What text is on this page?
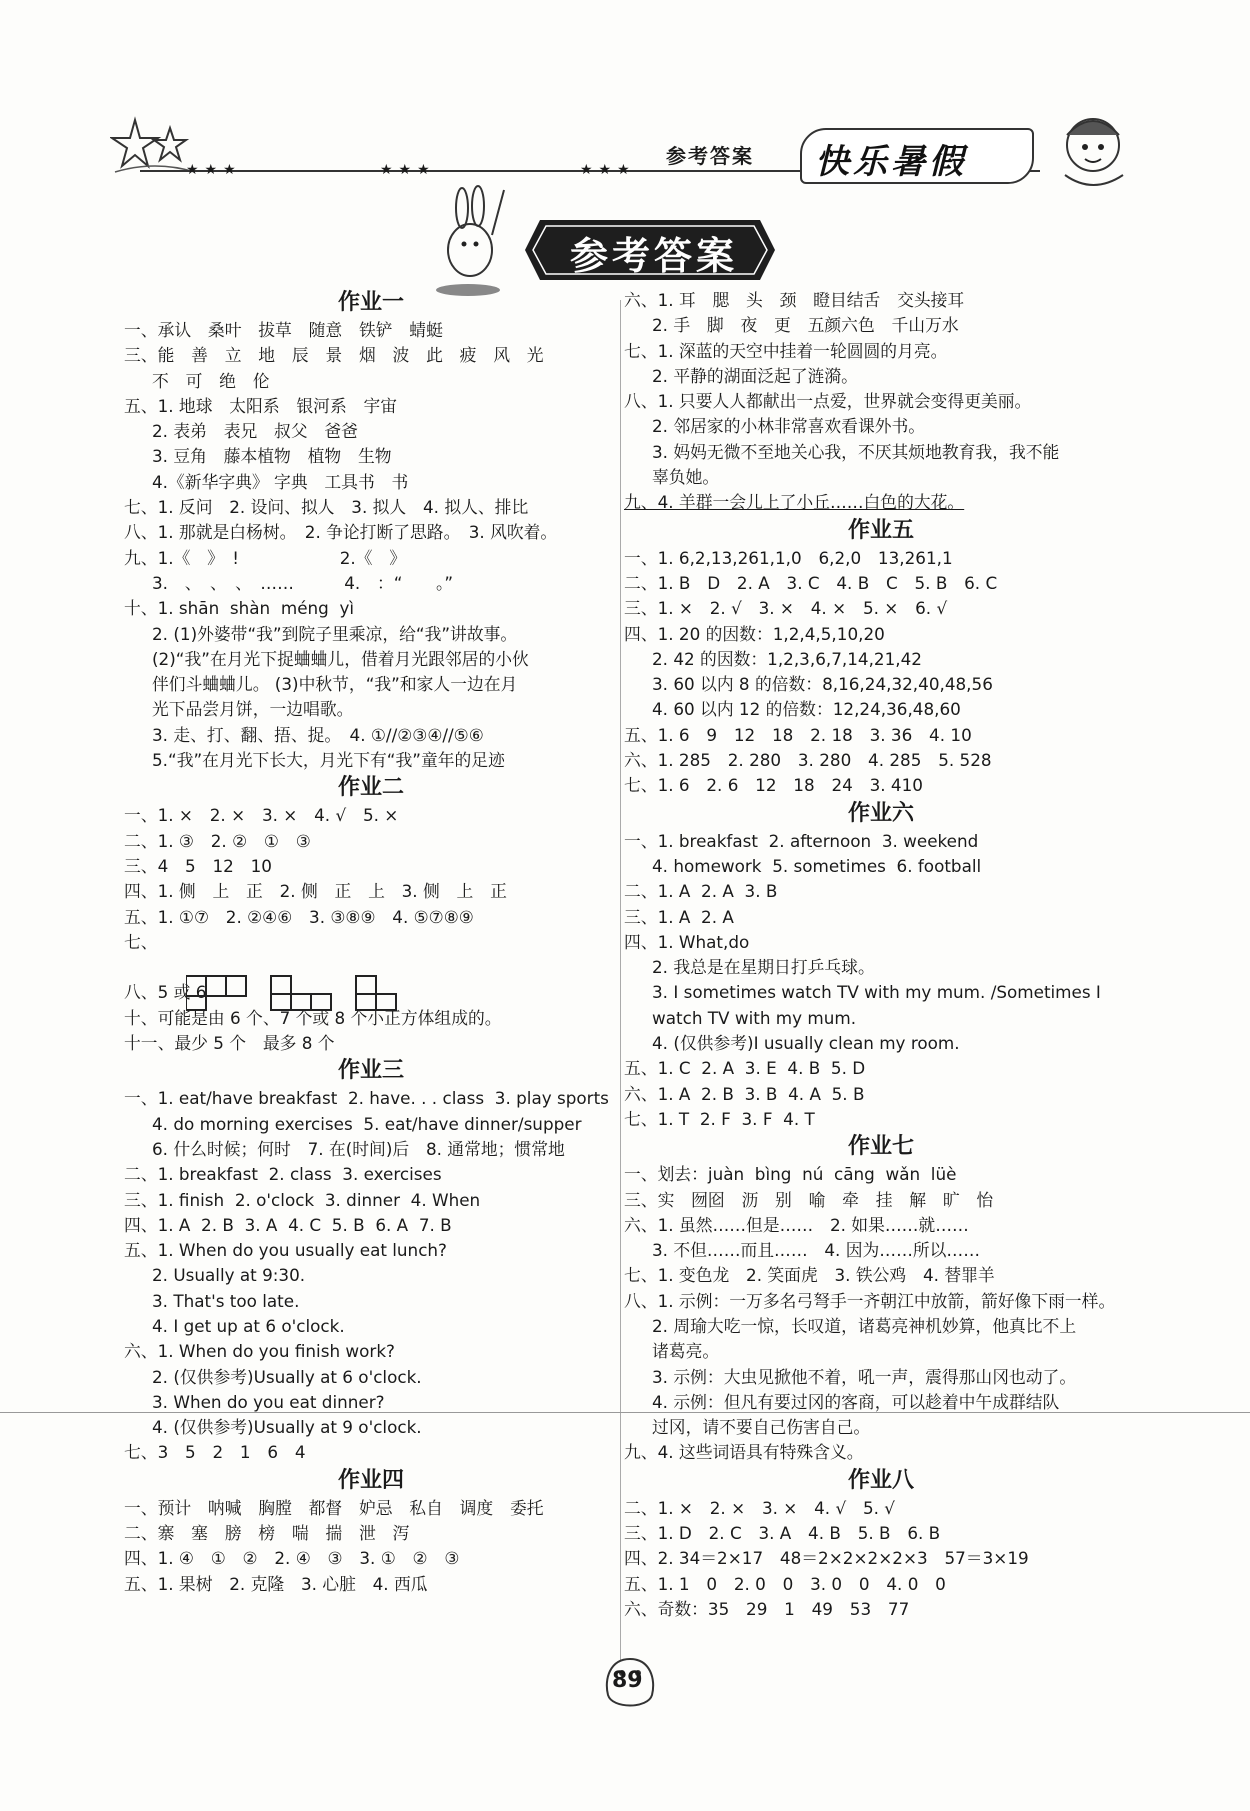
★★★	★★★	★★★
参考答案 快乐暑假
参考答案
作业一
一、承认　桑叶　拔草　随意　铁铲　蜻蜓
三、能　善　立　地　辰　景　烟　波　此　疲　风　光
不　可　绝　伦
五、1. 地球　太阳系　银河系　宇宙
2. 表弟　表兄　叔父　爸爸
3. 豆角　藤本植物　植物　生物
4.《新华字典》 字典　工具书　书
七、1. 反问　2. 设问、拟人　3. 拟人　4. 拟人、排比
八、1. 那就是白杨树。　2. 争论打断了思路。　3. 风吹着。
九、1.《　》　!　　　　　　2.《　》
3.　、　、　、　……　　　4.　：“　　。”
十、1. shān  shàn  méng  yì
2. (1)外婆带“我”到院子里乘凉，给“我”讲故事。
(2)“我”在月光下捉蛐蛐儿，借着月光跟邻居的小伙
伴们斗蛐蛐儿。 (3)中秋节，“我”和家人一边在月
光下品尝月饼，一边唱歌。
3. 走、打、翻、捂、捉。　4. ①//②③④//⑤⑥
5.“我”在月光下长大，月光下有“我”童年的足迹
作业二
一、1. ×　2. ×　3. ×　4. √　5. ×
二、1. ③　2. ②　①　③
三、4　5　12　10
四、1. 侧　上　正　2. 侧　正　上　3. 侧　上　正
五、1. ①⑦　2. ②④⑥　3. ③⑧⑨　4. ⑤⑦⑧⑨
七、
八、5 或 6
十、可能是由 6 个、7 个或 8 个小正方体组成的。
十一、最少 5 个　最多 8 个
作业三
一、1. eat/have breakfast  2. have. . . class  3. play sports
4. do morning exercises  5. eat/have dinner/supper
6. 什么时候；何时　7. 在(时间)后　8. 通常地；惯常地
二、1. breakfast  2. class  3. exercises
三、1. finish  2. o'clock  3. dinner  4. When
四、1. A  2. B  3. A  4. C  5. B  6. A  7. B
五、1. When do you usually eat lunch?
2. Usually at 9:30.
3. That's too late.
4. I get up at 6 o'clock.
六、1. When do you finish work?
2. (仅供参考)Usually at 6 o'clock.
3. When do you eat dinner?
4. (仅供参考)Usually at 9 o'clock.
七、3　5　2　1　6　4
作业四
一、预计　呐喊　胸膛　都督　妒忌　私自　调度　委托
二、寨　塞　膀　榜　喘　揣　泄　泻
四、1. ④　①　②　2. ④　③　3. ①　②　③
五、1. 果树　2. 克隆　3. 心脏　4. 西瓜
六、1. 耳　腮　头　颈　瞪目结舌　交头接耳
2. 手　脚　夜　更　五颜六色　千山万水
七、1. 深蓝的天空中挂着一轮圆圆的月亮。
2. 平静的湖面泛起了涟漪。
八、1. 只要人人都献出一点爱，世界就会变得更美丽。
2. 邻居家的小林非常喜欢看课外书。
3. 妈妈无微不至地关心我，不厌其烦地教育我，我不能
辜负她。
九、4. 羊群一会儿上了小丘……白色的大花。
作业五
一、1. 6,2,13,261,1,0　6,2,0　13,261,1
二、1. B　D　2. A　3. C　4. B　C　5. B　6. C
三、1. ×　2. √　3. ×　4. ×　5. ×　6. √
四、1. 20 的因数：1,2,4,5,10,20
2. 42 的因数：1,2,3,6,7,14,21,42
3. 60 以内 8 的倍数：8,16,24,32,40,48,56
4. 60 以内 12 的倍数：12,24,36,48,60
五、1. 6　9　12　18　2. 18　3. 36　4. 10
六、1. 285　2. 280　3. 280　4. 285　5. 528
七、1. 6　2. 6　12　18　24　3. 410
作业六
一、1. breakfast  2. afternoon  3. weekend
4. homework  5. sometimes  6. football
二、1. A  2. A  3. B
三、1. A  2. A
四、1. What,do
2. 我总是在星期日打乒乓球。
3. I sometimes watch TV with my mum. /Sometimes I
watch TV with my mum.
4. (仅供参考)I usually clean my room.
五、1. C  2. A  3. E  4. B  5. D
六、1. A  2. B  3. B  4. A  5. B
七、1. T  2. F  3. F  4. T
作业七
一、划去：juàn  bìng  nú  cāng  wǎn  lüè
三、实　囫囵　沥　别　喻　牵　挂　解　旷　怡
六、1. 虽然……但是……　2. 如果……就……
3. 不但……而且……　4. 因为……所以……
七、1. 变色龙　2. 笑面虎　3. 铁公鸡　4. 替罪羊
八、1. 示例：一万多名弓弩手一齐朝江中放箭，箭好像下雨一样。
2. 周瑜大吃一惊，长叹道，诸葛亮神机妙算，他真比不上
诸葛亮。
3. 示例：大虫见掀他不着，吼一声，震得那山冈也动了。
4. 示例：但凡有要过冈的客商，可以趁着中午成群结队
过冈，请不要自己伤害自己。
九、4. 这些词语具有特殊含义。
作业八
二、1. ×　2. ×　3. ×　4. √　5. √
三、1. D　2. C　3. A　4. B　5. B　6. B
四、2. 34＝2×17　48＝2×2×2×2×3　57＝3×19
五、1. 1　0　2. 0　0　3. 0　0　4. 0　0
六、奇数：35　29　1　49　53　77
89
